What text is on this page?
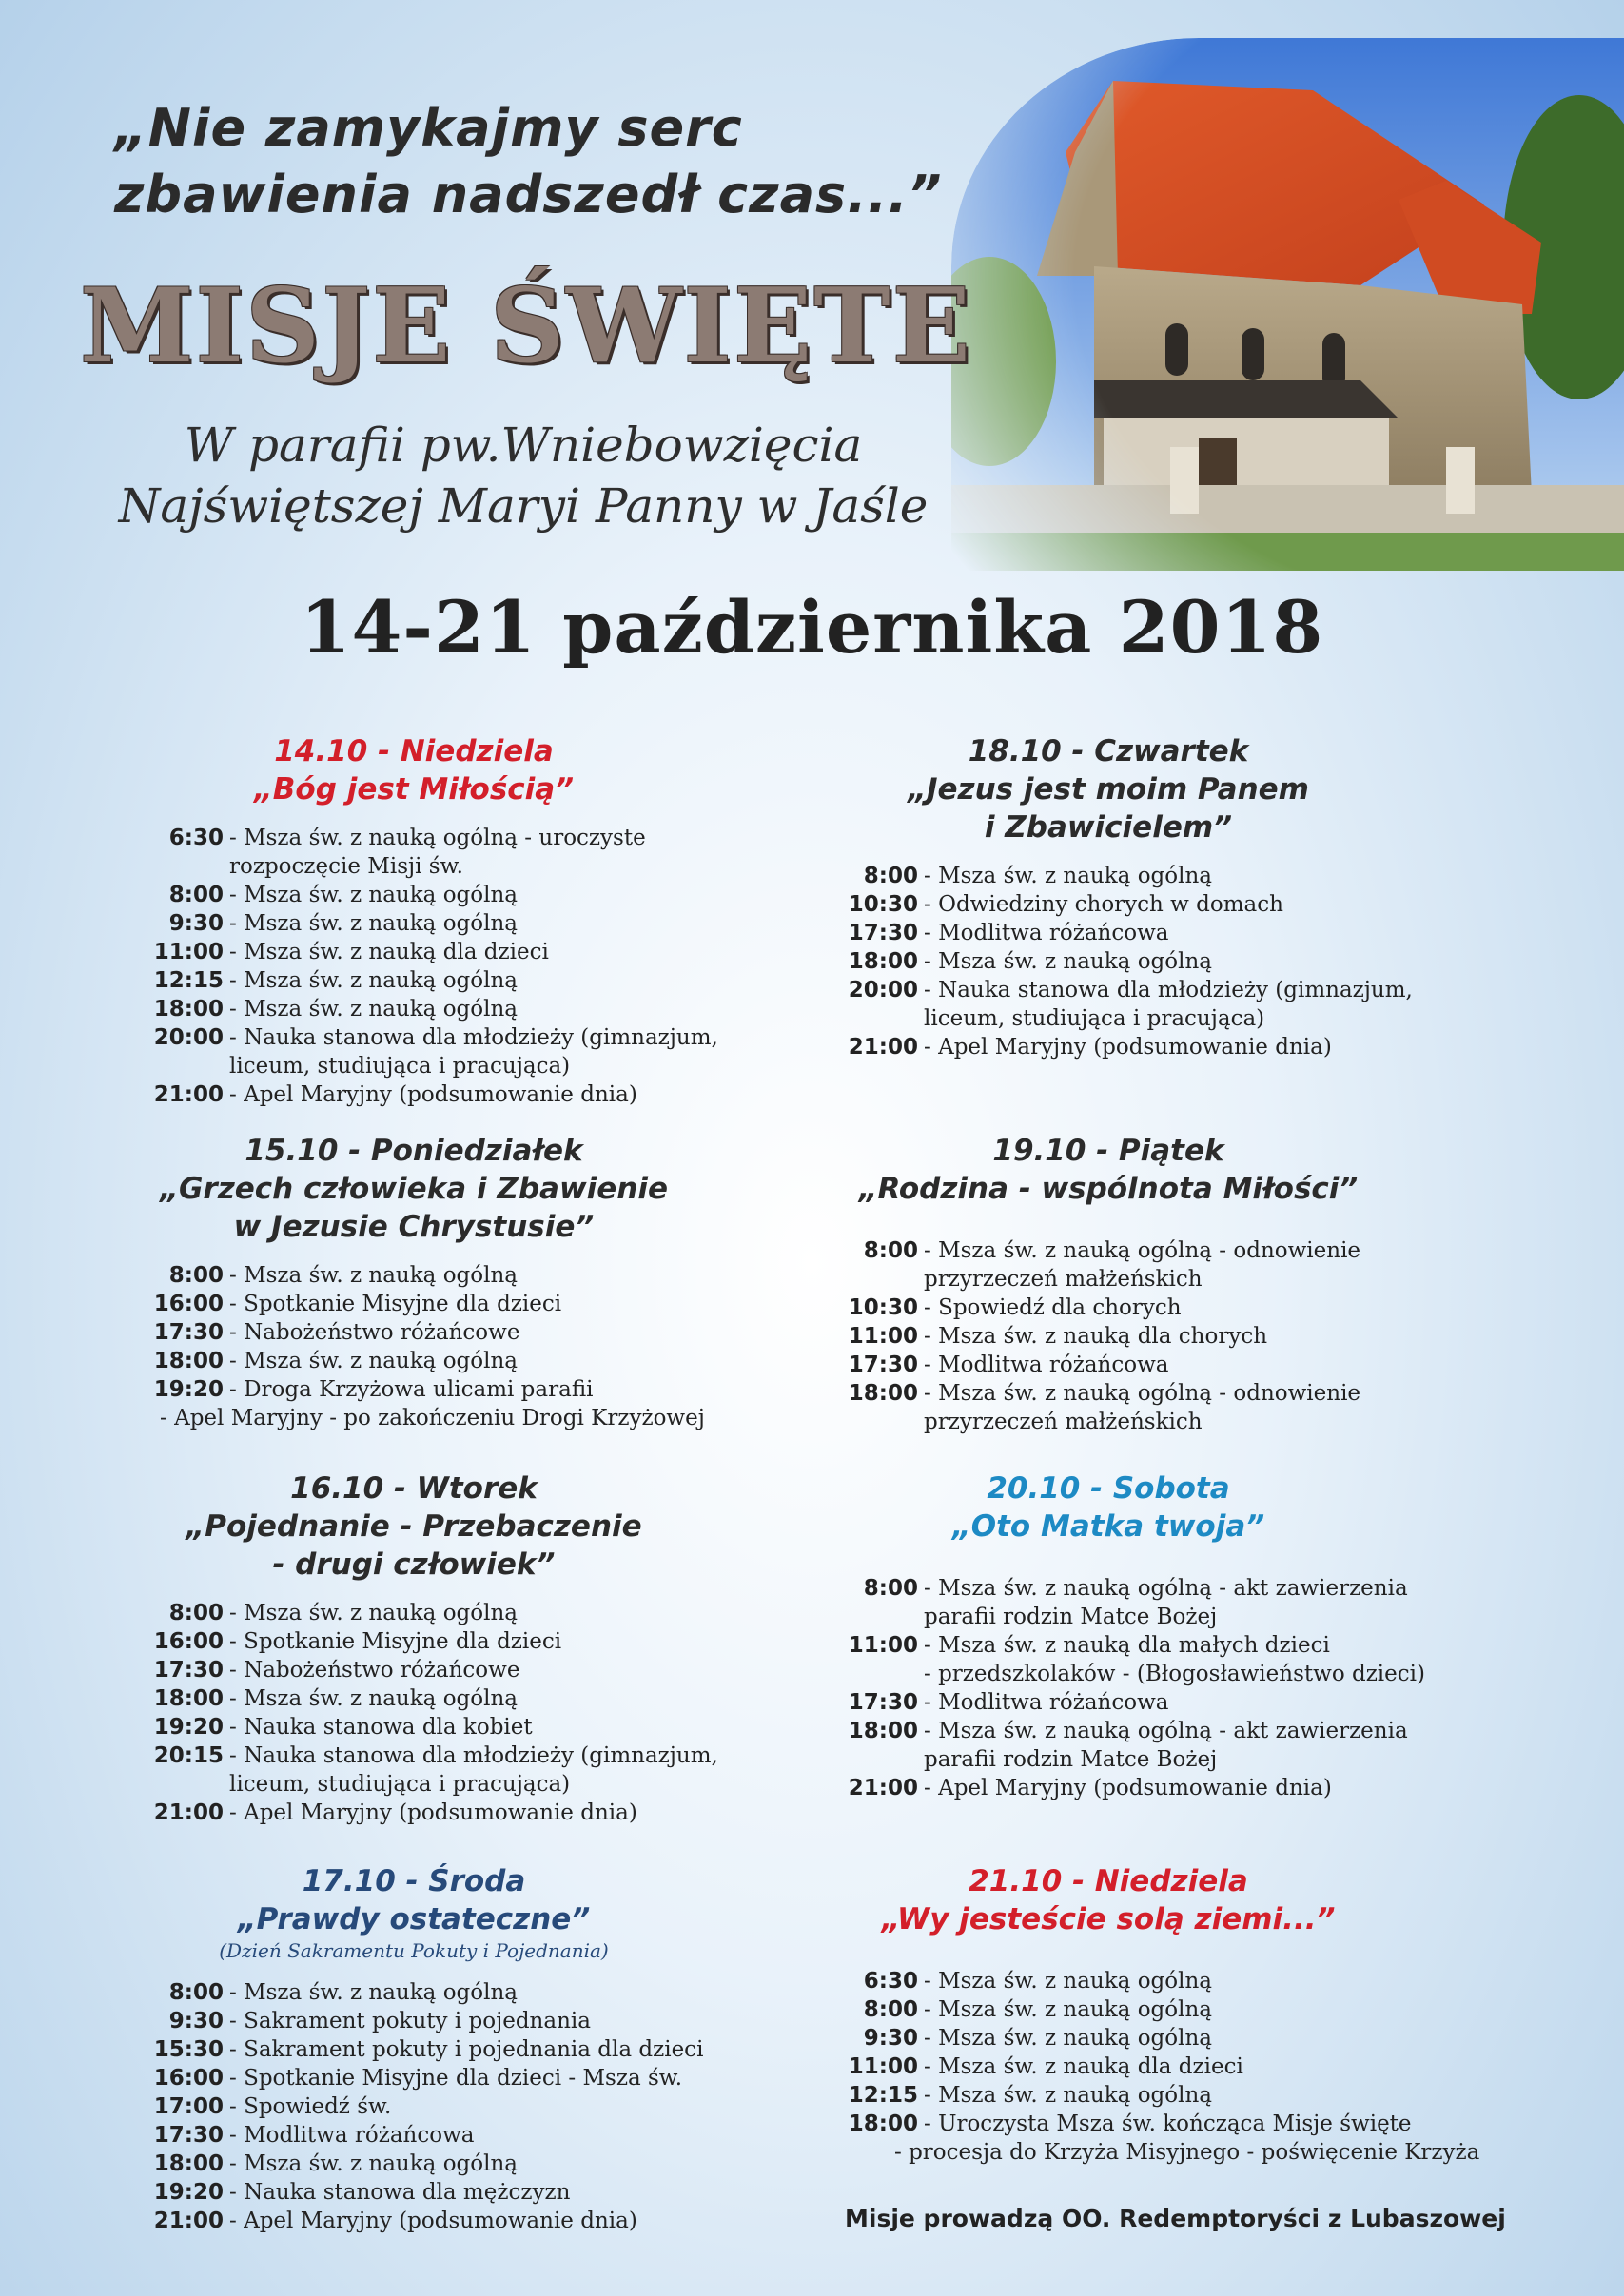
„Nie zamykajmy serc
zbawienia nadszedł czas...”
MISJE ŚWIĘTE
W parafii pw.Wniebowzięcia
Najświętszej Maryi Panny w Jaśle
14-21 października 2018
14.10 - Niedziela
„Bóg jest Miłością”
6:30 - Msza św. z nauką ogólną - uroczyste
rozpoczęcie Misji św.
8:00 - Msza św. z nauką ogólną
9:30 - Msza św. z nauką ogólną
11:00 - Msza św. z nauką dla dzieci
12:15 - Msza św. z nauką ogólną
18:00 - Msza św. z nauką ogólną
20:00 - Nauka stanowa dla młodzieży (gimnazjum,
liceum, studiująca i pracująca)
21:00 - Apel Maryjny (podsumowanie dnia)
15.10 - Poniedziałek
„Grzech człowieka i Zbawienie
w Jezusie Chrystusie”
8:00 - Msza św. z nauką ogólną
16:00 - Spotkanie Misyjne dla dzieci
17:30 - Nabożeństwo różańcowe
18:00 - Msza św. z nauką ogólną
19:20 - Droga Krzyżowa ulicami parafii
- Apel Maryjny - po zakończeniu Drogi Krzyżowej
16.10 - Wtorek
„Pojednanie - Przebaczenie
- drugi człowiek”
8:00 - Msza św. z nauką ogólną
16:00 - Spotkanie Misyjne dla dzieci
17:30 - Nabożeństwo różańcowe
18:00 - Msza św. z nauką ogólną
19:20 - Nauka stanowa dla kobiet
20:15 - Nauka stanowa dla młodzieży (gimnazjum,
liceum, studiująca i pracująca)
21:00 - Apel Maryjny (podsumowanie dnia)
17.10 - Środa
„Prawdy ostateczne”
(Dzień Sakramentu Pokuty i Pojednania)
8:00 - Msza św. z nauką ogólną
9:30 - Sakrament pokuty i pojednania
15:30 - Sakrament pokuty i pojednania dla dzieci
16:00 - Spotkanie Misyjne dla dzieci - Msza św.
17:00 - Spowiedź św.
17:30 - Modlitwa różańcowa
18:00 - Msza św. z nauką ogólną
19:20 - Nauka stanowa dla mężczyzn
21:00 - Apel Maryjny (podsumowanie dnia)
18.10 - Czwartek
„Jezus jest moim Panem
i Zbawicielem”
8:00 - Msza św. z nauką ogólną
10:30 - Odwiedziny chorych w domach
17:30 - Modlitwa różańcowa
18:00 - Msza św. z nauką ogólną
20:00 - Nauka stanowa dla młodzieży (gimnazjum,
liceum, studiująca i pracująca)
21:00 - Apel Maryjny (podsumowanie dnia)
19.10 - Piątek
„Rodzina - wspólnota Miłości”
8:00 - Msza św. z nauką ogólną - odnowienie
przyrzeczeń małżeńskich
10:30 - Spowiedź dla chorych
11:00 - Msza św. z nauką dla chorych
17:30 - Modlitwa różańcowa
18:00 - Msza św. z nauką ogólną - odnowienie
przyrzeczeń małżeńskich
20.10 - Sobota
„Oto Matka twoja”
8:00 - Msza św. z nauką ogólną - akt zawierzenia
parafii rodzin Matce Bożej
11:00 - Msza św. z nauką dla małych dzieci
- przedszkolaków - (Błogosławieństwo dzieci)
17:30 - Modlitwa różańcowa
18:00 - Msza św. z nauką ogólną - akt zawierzenia
parafii rodzin Matce Bożej
21:00 - Apel Maryjny (podsumowanie dnia)
21.10 - Niedziela
„Wy jesteście solą ziemi...”
6:30 - Msza św. z nauką ogólną
8:00 - Msza św. z nauką ogólną
9:30 - Msza św. z nauką ogólną
11:00 - Msza św. z nauką dla dzieci
12:15 - Msza św. z nauką ogólną
18:00 - Uroczysta Msza św. kończąca Misje święte
- procesja do Krzyża Misyjnego - poświęcenie Krzyża
Misje prowadzą OO. Redemptoryści z Lubaszowej
